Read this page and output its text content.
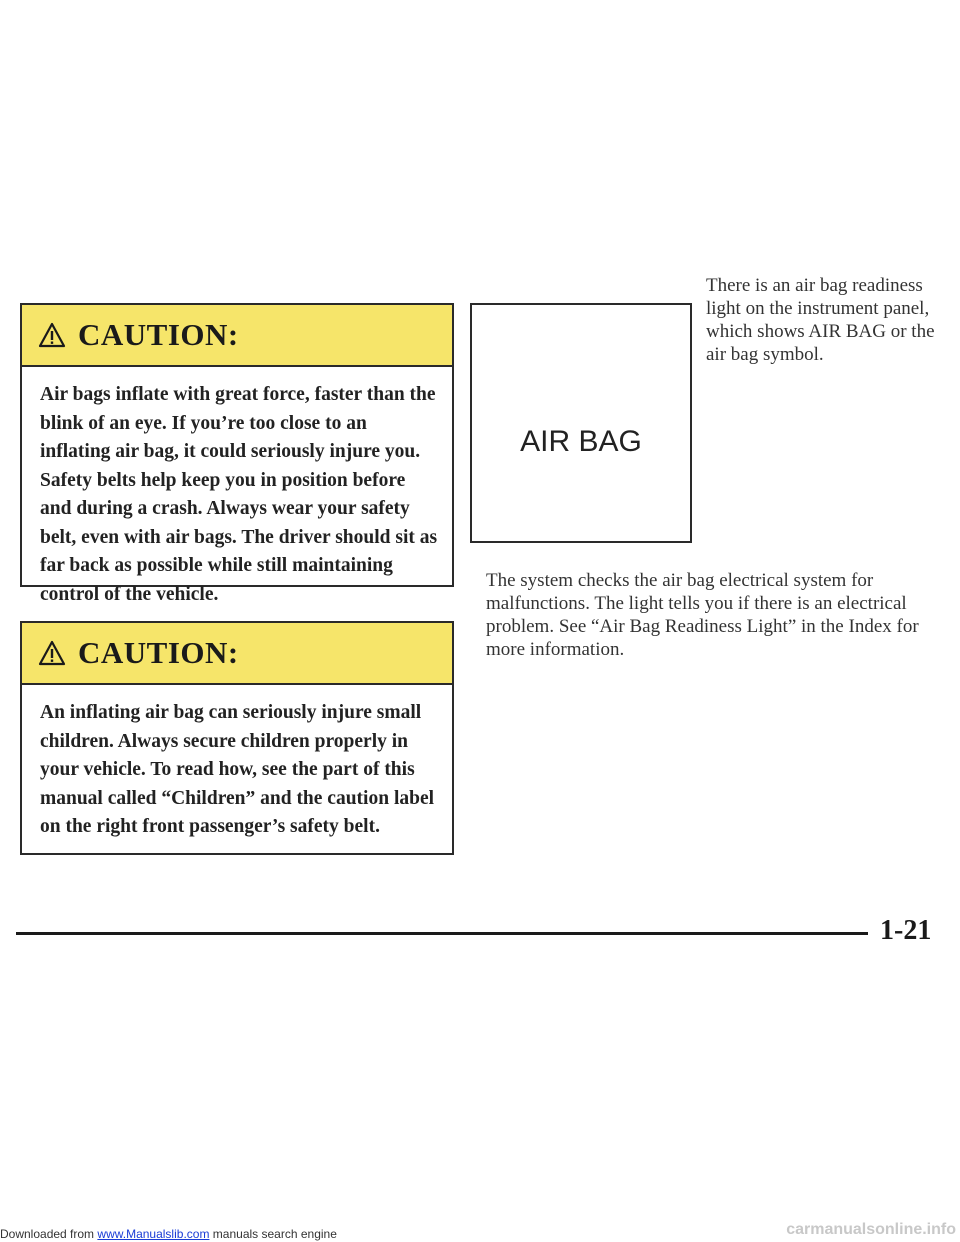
CAUTION:
Air bags inflate with great force, faster than the blink of an eye. If you’re too close to an inflating air bag, it could seriously injure you. Safety belts help keep you in position before and during a crash. Always wear your safety belt, even with air bags. The driver should sit as far back as possible while still maintaining control of the vehicle.
CAUTION:
An inflating air bag can seriously injure small children. Always secure children properly in your vehicle. To read how, see the part of this manual called “Children” and the caution label on the right front passenger’s safety belt.
AIR BAG

There is an air bag readiness light on the instrument panel, which shows AIR BAG or the air bag symbol.

The system checks the air bag electrical system for malfunctions. The light tells you if there is an electrical problem. See “Air Bag Readiness Light” in the Index for more information.

1-21
Downloaded from www.Manualslib.com manuals search engine	carmanualsonline.info
